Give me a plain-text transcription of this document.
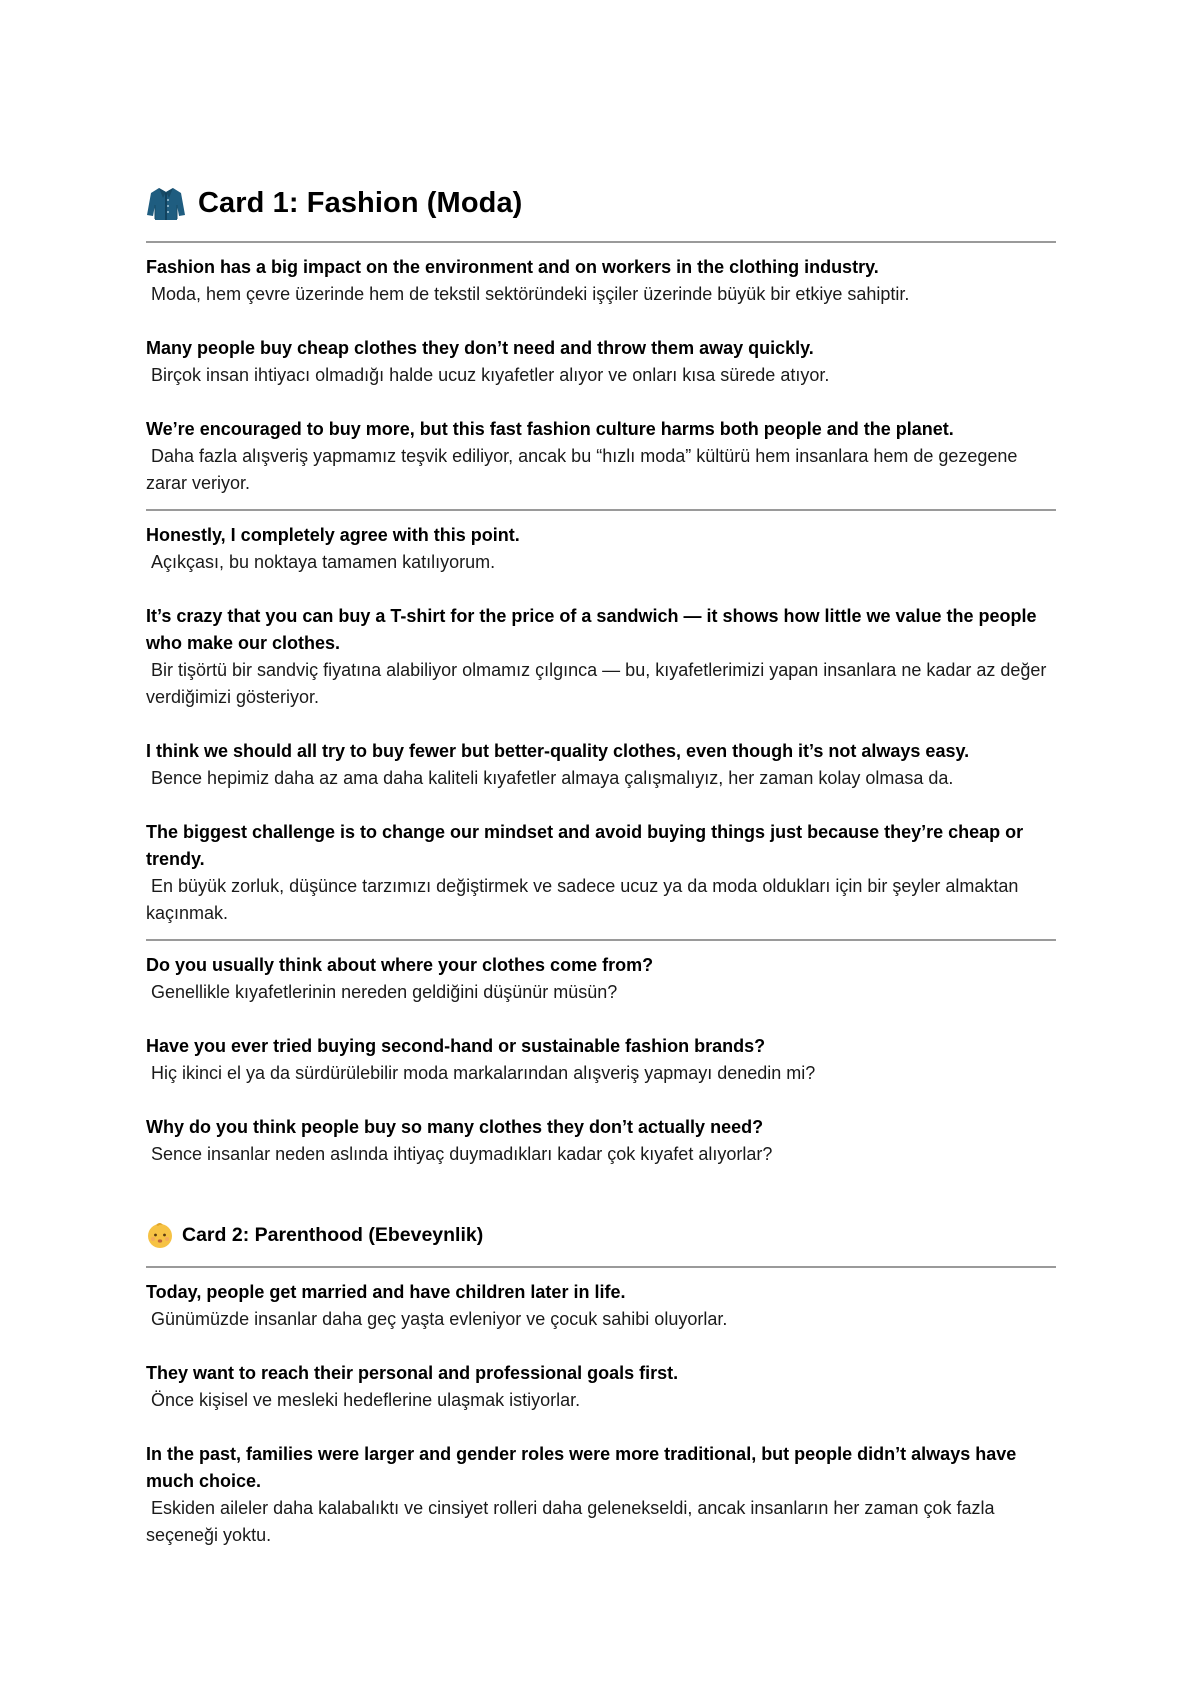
Card 1: Fashion (Moda)
Fashion has a big impact on the environment and on workers in the clothing industry.
Moda, hem çevre üzerinde hem de tekstil sektöründeki işçiler üzerinde büyük bir etkiye sahiptir.
Many people buy cheap clothes they don’t need and throw them away quickly.
Birçok insan ihtiyacı olmadığı halde ucuz kıyafetler alıyor ve onları kısa sürede atıyor.
We’re encouraged to buy more, but this fast fashion culture harms both people and the planet.
Daha fazla alışveriş yapmamız teşvik ediliyor, ancak bu “hızlı moda” kültürü hem insanlara hem de gezegene zarar veriyor.
Honestly, I completely agree with this point.
Açıkçası, bu noktaya tamamen katılıyorum.
It’s crazy that you can buy a T-shirt for the price of a sandwich — it shows how little we value the people who make our clothes.
Bir tişörtü bir sandviç fiyatına alabiliyor olmamız çılgınca — bu, kıyafetlerimizi yapan insanlara ne kadar az değer verdiğimizi gösteriyor.
I think we should all try to buy fewer but better-quality clothes, even though it’s not always easy.
Bence hepimiz daha az ama daha kaliteli kıyafetler almaya çalışmalıyız, her zaman kolay olmasa da.
The biggest challenge is to change our mindset and avoid buying things just because they’re cheap or trendy.
En büyük zorluk, düşünce tarzımızı değiştirmek ve sadece ucuz ya da moda oldukları için bir şeyler almaktan kaçınmak.
Do you usually think about where your clothes come from?
Genellikle kıyafetlerinin nereden geldiğini düşünür müsün?
Have you ever tried buying second-hand or sustainable fashion brands?
Hiç ikinci el ya da sürdürülebilir moda markalarından alışveriş yapmayı denedin mi?
Why do you think people buy so many clothes they don’t actually need?
Sence insanlar neden aslında ihtiyaç duymadıkları kadar çok kıyafet alıyorlar?
Card 2: Parenthood (Ebeveynlik)
Today, people get married and have children later in life.
Günümüzde insanlar daha geç yaşta evleniyor ve çocuk sahibi oluyorlar.
They want to reach their personal and professional goals first.
Önce kişisel ve mesleki hedeflerine ulaşmak istiyorlar.
In the past, families were larger and gender roles were more traditional, but people didn’t always have much choice.
Eskiden aileler daha kalabalıktı ve cinsiyet rolleri daha gelenekseldi, ancak insanların her zaman çok fazla seçeneği yoktu.
